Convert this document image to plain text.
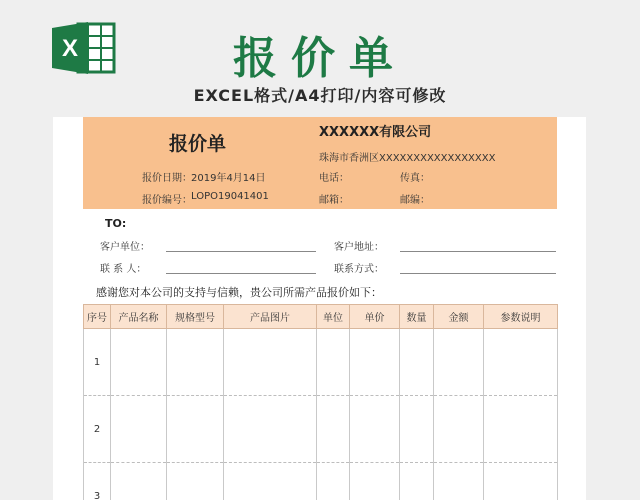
X	报价单
EXCEL格式/A4打印/内容可修改
报价单
XXXXXX有限公司
珠海市香洲区XXXXXXXXXXXXXXXXX
报价日期： 2019年4月14日	电话：	传真：
报价编号： LOPO19041401	邮箱：	邮编：
TO:
客户单位：	客户地址：
联 系 人：	联系方式：
感谢您对本公司的支持与信赖，贵公司所需产品报价如下：
序号	产品名称	规格型号	产品图片	单位	单价	数量	金额	参数说明
1								
2								
3								
